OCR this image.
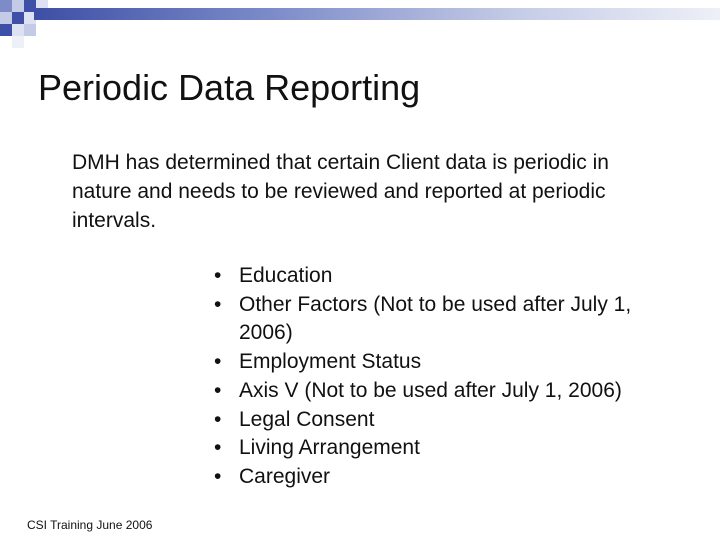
Periodic Data Reporting
DMH has determined that certain Client data is periodic in nature and needs to be reviewed and reported at periodic intervals.
• Education
• Other Factors (Not to be used after July 1, 2006)
• Employment Status
• Axis V (Not to be used after July 1, 2006)
• Legal Consent
• Living Arrangement
• Caregiver
CSI Training June 2006
